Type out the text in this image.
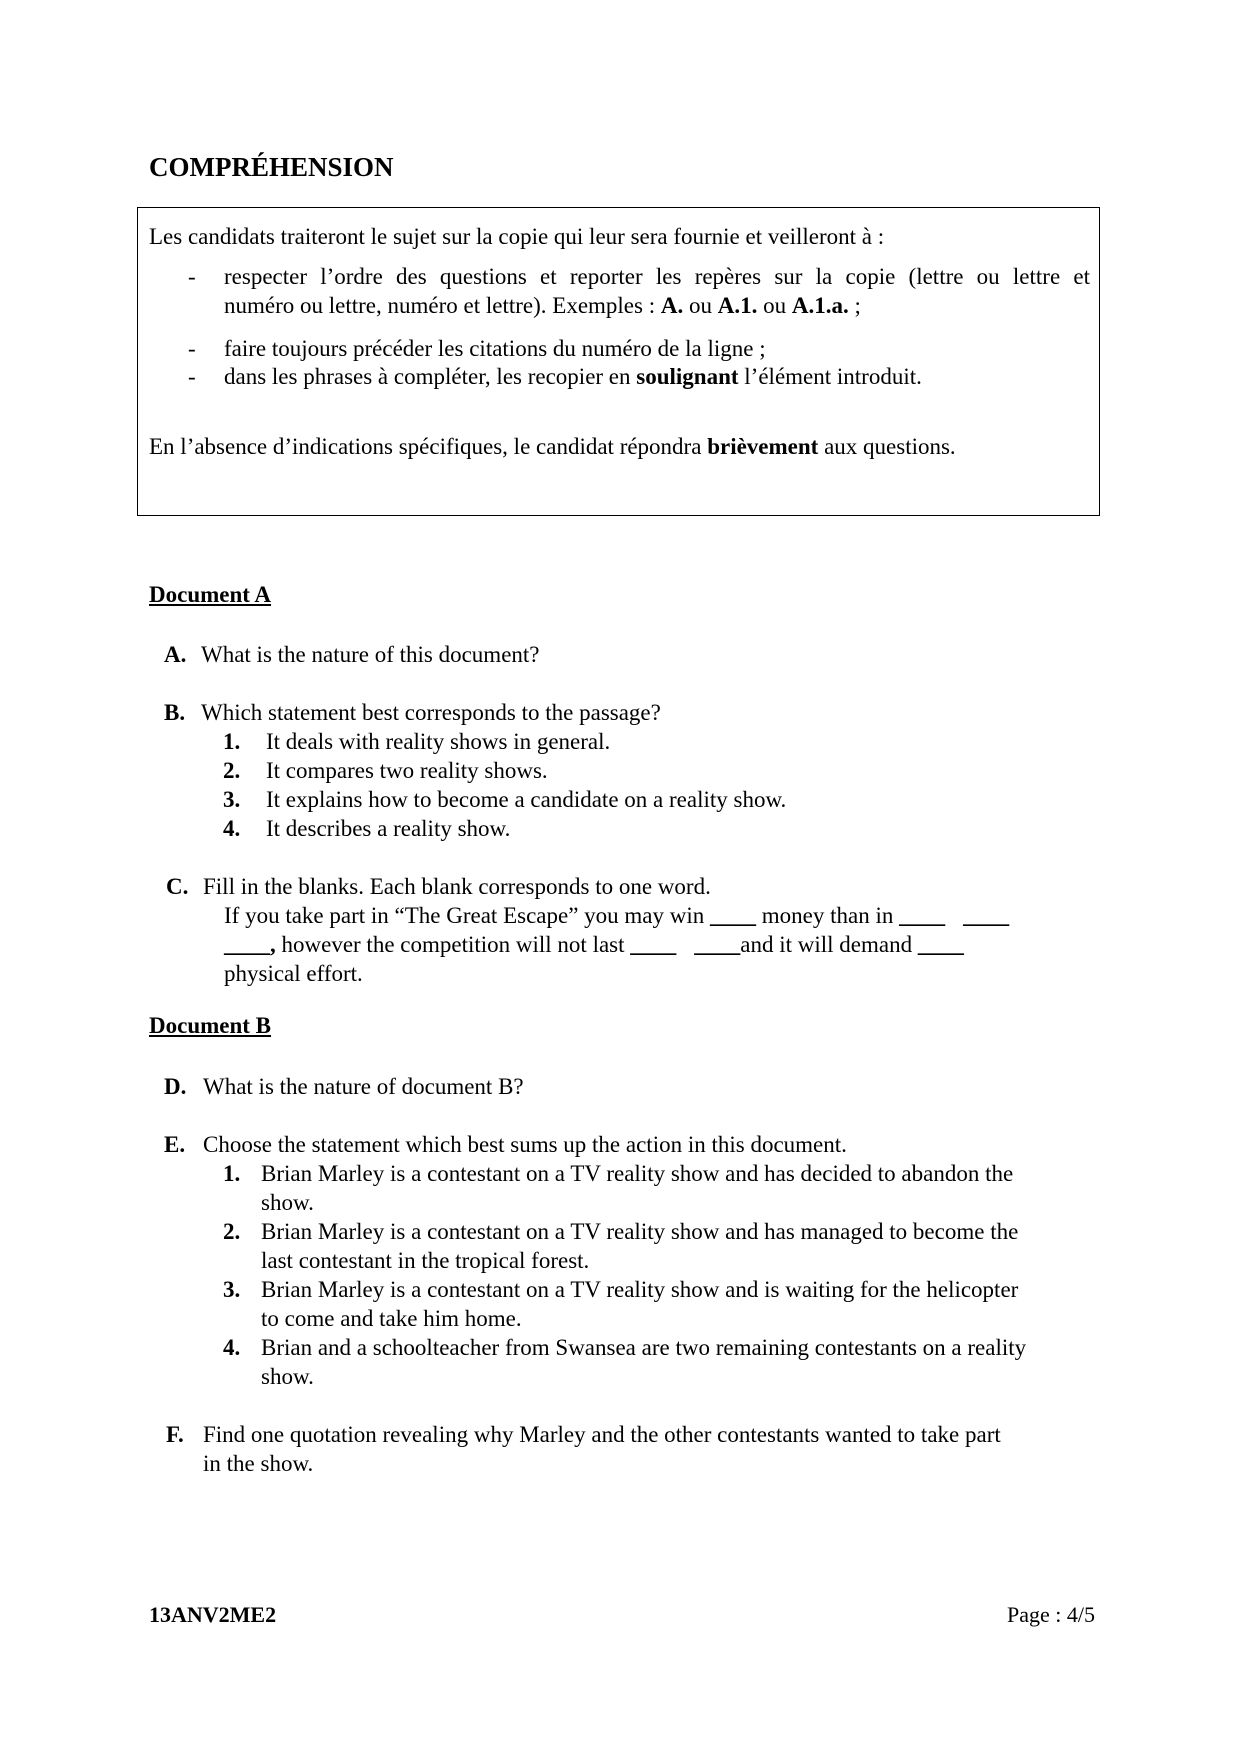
COMPRÉHENSION
Les candidats traiteront le sujet sur la copie qui leur sera fournie et veilleront à :
- respecter l’ordre des questions et reporter les repères sur la copie (lettre ou lettre et
numéro ou lettre, numéro et lettre). Exemples : A. ou A.1. ou A.1.a. ;
- faire toujours précéder les citations du numéro de la ligne ;
- dans les phrases à compléter, les recopier en soulignant l’élément introduit.
En l’absence d’indications spécifiques, le candidat répondra brièvement aux questions.
Document A
A. What is the nature of this document?
B. Which statement best corresponds to the passage?
1. It deals with reality shows in general.
2. It compares two reality shows.
3. It explains how to become a candidate on a reality show.
4. It describes a reality show.
C. Fill in the blanks. Each blank corresponds to one word.
If you take part in “The Great Escape” you may win ____ money than in ____ ____
____, however the competition will not last ____ ____and it will demand ____
physical effort.
Document B
D. What is the nature of document B?
E. Choose the statement which best sums up the action in this document.
1. Brian Marley is a contestant on a TV reality show and has decided to abandon the
show.
2. Brian Marley is a contestant on a TV reality show and has managed to become the
last contestant in the tropical forest.
3. Brian Marley is a contestant on a TV reality show and is waiting for the helicopter
to come and take him home.
4. Brian and a schoolteacher from Swansea are two remaining contestants on a reality
show.
F. Find one quotation revealing why Marley and the other contestants wanted to take part
in the show.
13ANV2ME2	Page : 4/5
